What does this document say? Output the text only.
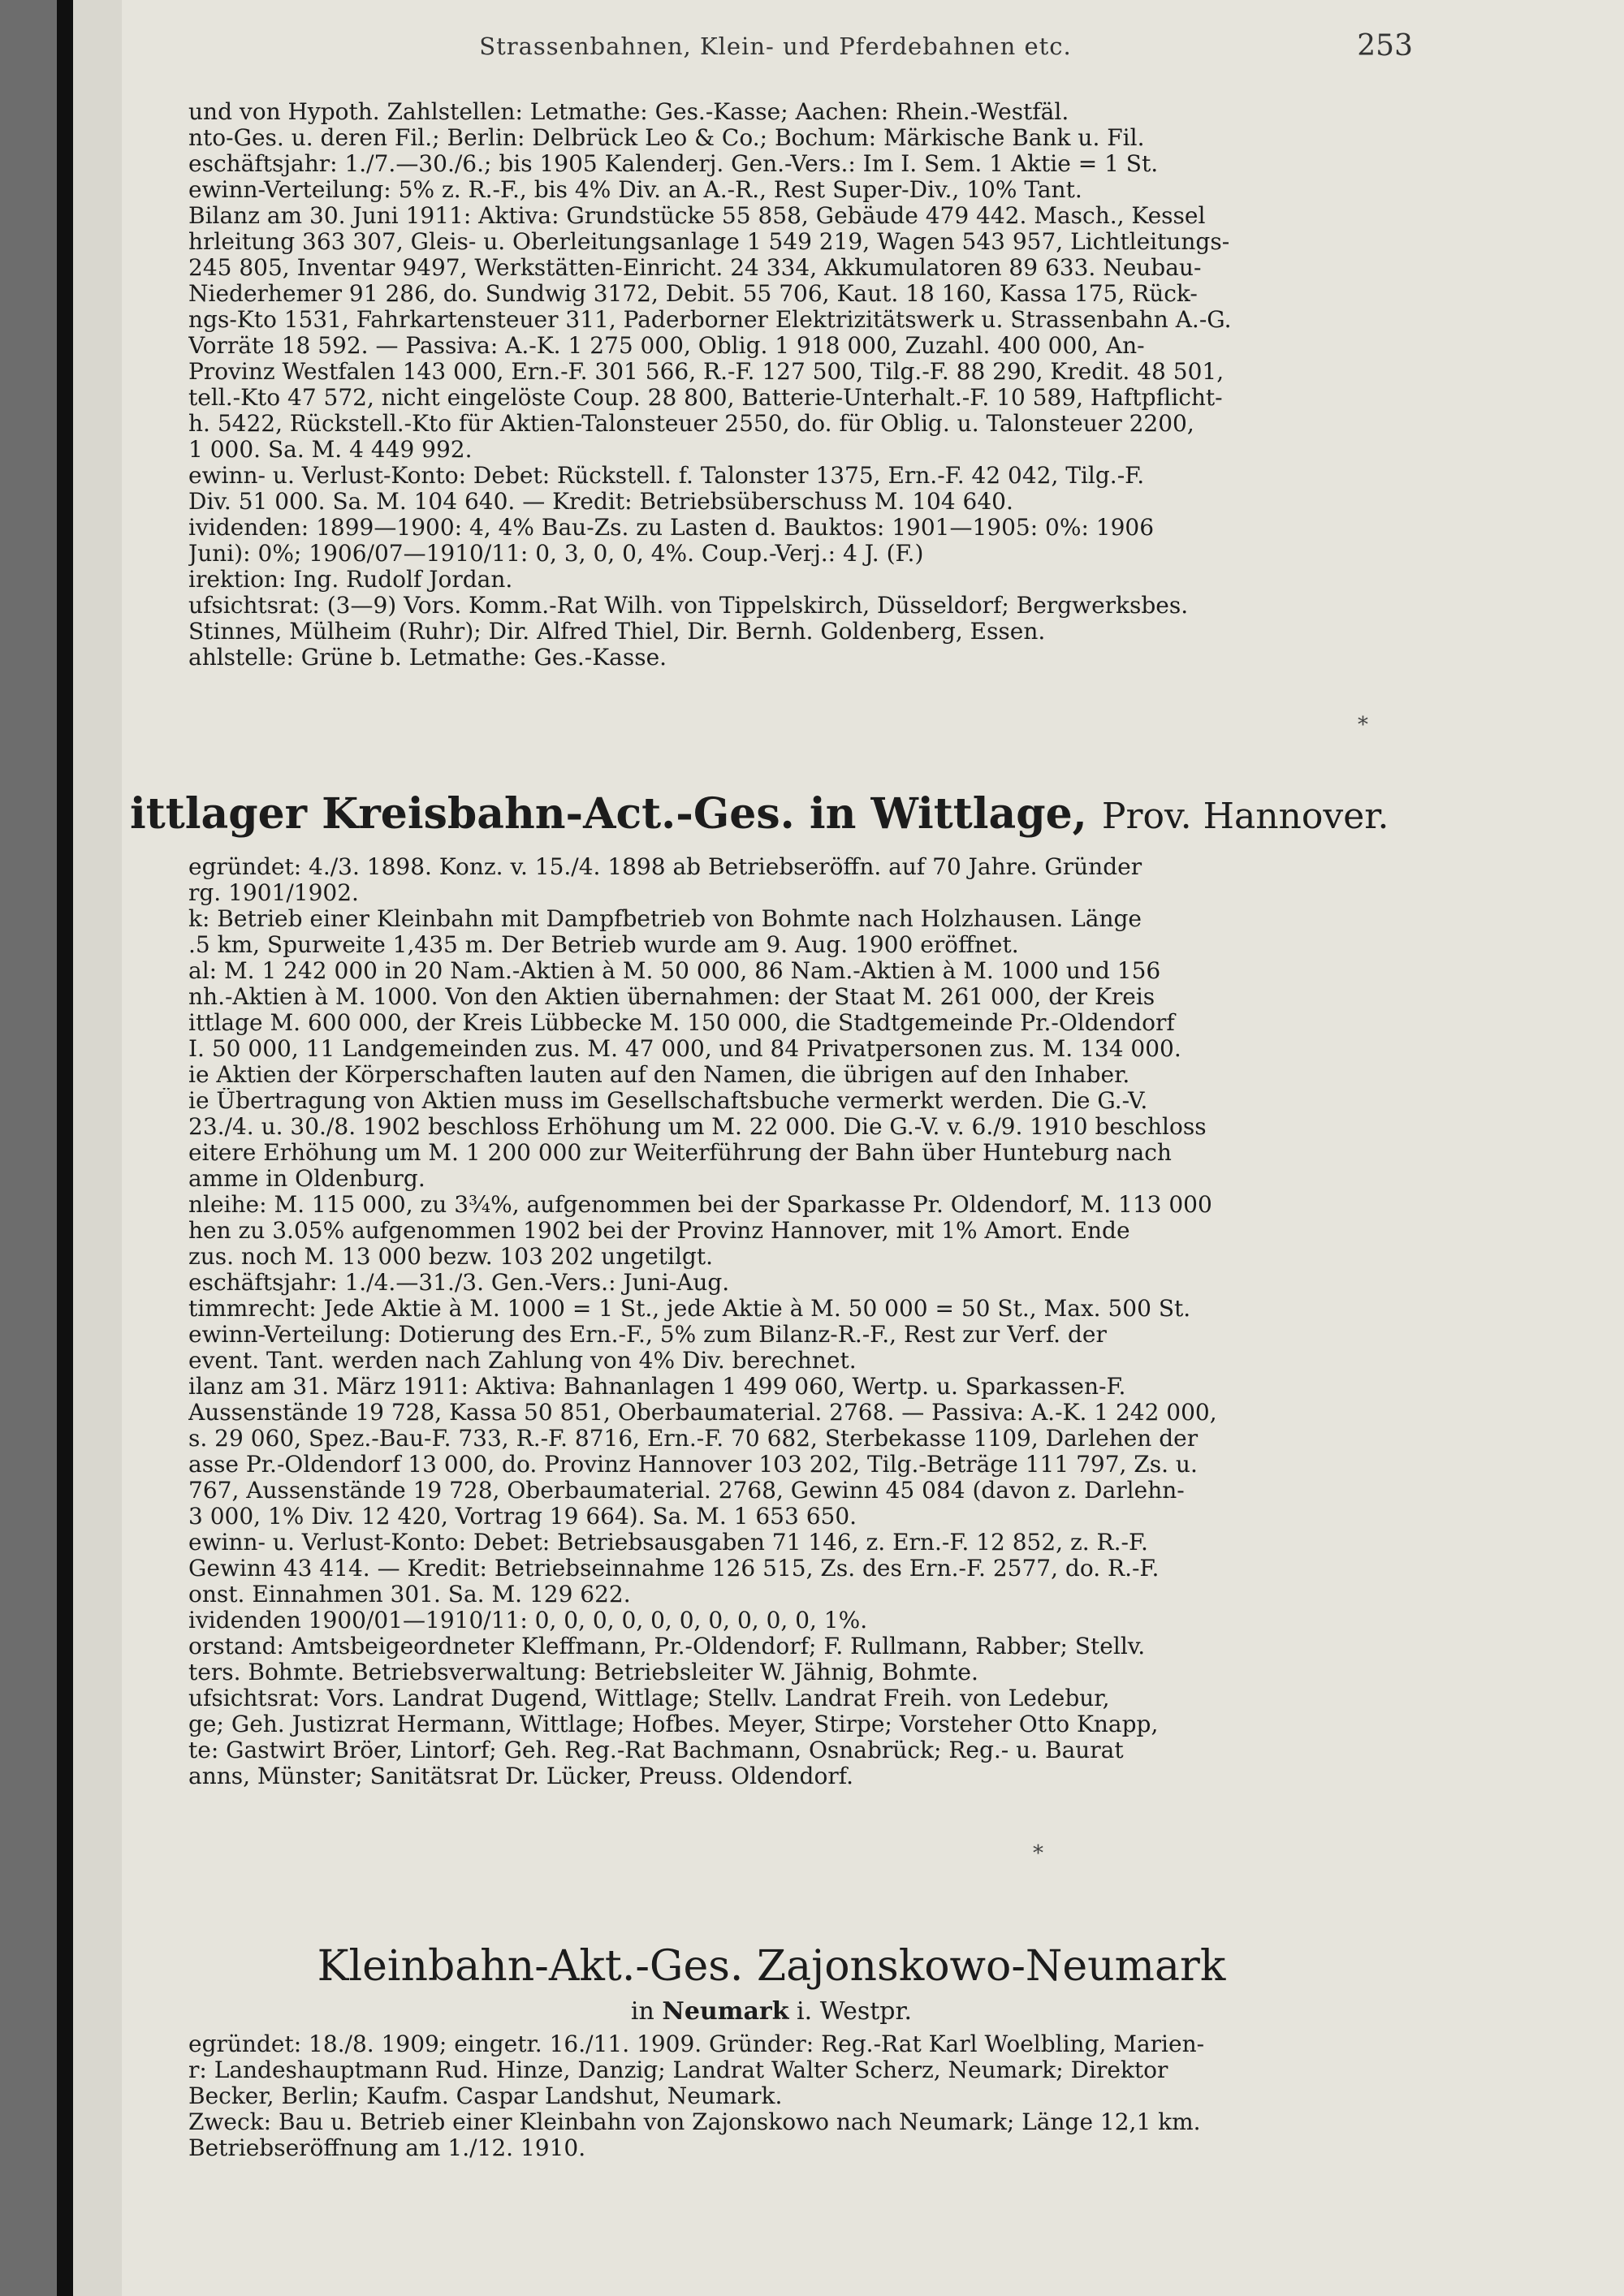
Strassenbahnen, Klein- und Pferdebahnen etc.	253
und von Hypoth. Zahlstellen: Letmathe: Ges.-Kasse; Aachen: Rhein.-Westfäl.
nto-Ges. u. deren Fil.; Berlin: Delbrück Leo & Co.; Bochum: Märkische Bank u. Fil.
eschäftsjahr: 1./7.—30./6.; bis 1905 Kalenderj. Gen.-Vers.: Im I. Sem. 1 Aktie = 1 St.
ewinn-Verteilung: 5% z. R.-F., bis 4% Div. an A.-R., Rest Super-Div., 10% Tant.
Bilanz am 30. Juni 1911: Aktiva: Grundstücke 55 858, Gebäude 479 442. Masch., Kessel
hrleitung 363 307, Gleis- u. Oberleitungsanlage 1 549 219, Wagen 543 957, Lichtleitungs-
245 805, Inventar 9497, Werkstätten-Einricht. 24 334, Akkumulatoren 89 633. Neubau-
Niederhemer 91 286, do. Sundwig 3172, Debit. 55 706, Kaut. 18 160, Kassa 175, Rück-
ngs-Kto 1531, Fahrkartensteuer 311, Paderborner Elektrizitätswerk u. Strassenbahn A.-G.
Vorräte 18 592. — Passiva: A.-K. 1 275 000, Oblig. 1 918 000, Zuzahl. 400 000, An-
Provinz Westfalen 143 000, Ern.-F. 301 566, R.-F. 127 500, Tilg.-F. 88 290, Kredit. 48 501,
tell.-Kto 47 572, nicht eingelöste Coup. 28 800, Batterie-Unterhalt.-F. 10 589, Haftpflicht-
h. 5422, Rückstell.-Kto für Aktien-Talonsteuer 2550, do. für Oblig. u. Talonsteuer 2200,
1 000. Sa. M. 4 449 992.
ewinn- u. Verlust-Konto: Debet: Rückstell. f. Talonster 1375, Ern.-F. 42 042, Tilg.-F.
Div. 51 000. Sa. M. 104 640. — Kredit: Betriebsüberschuss M. 104 640.
ividenden: 1899—1900: 4, 4% Bau-Zs. zu Lasten d. Bauktos: 1901—1905: 0%: 1906
Juni): 0%; 1906/07—1910/11: 0, 3, 0, 0, 4%. Coup.-Verj.: 4 J. (F.)
irektion: Ing. Rudolf Jordan.
ufsichtsrat: (3—9) Vors. Komm.-Rat Wilh. von Tippelskirch, Düsseldorf; Bergwerksbes.
Stinnes, Mülheim (Ruhr); Dir. Alfred Thiel, Dir. Bernh. Goldenberg, Essen.
ahlstelle: Grüne b. Letmathe: Ges.-Kasse.
*
ittlager Kreisbahn-Act.-Ges. in Wittlage, Prov. Hannover.
egründet: 4./3. 1898. Konz. v. 15./4. 1898 ab Betriebseröffn. auf 70 Jahre. Gründer
rg. 1901/1902.
k: Betrieb einer Kleinbahn mit Dampfbetrieb von Bohmte nach Holzhausen. Länge
.5 km, Spurweite 1,435 m. Der Betrieb wurde am 9. Aug. 1900 eröffnet.
al: M. 1 242 000 in 20 Nam.-Aktien à M. 50 000, 86 Nam.-Aktien à M. 1000 und 156
nh.-Aktien à M. 1000. Von den Aktien übernahmen: der Staat M. 261 000, der Kreis
ittlage M. 600 000, der Kreis Lübbecke M. 150 000, die Stadtgemeinde Pr.-Oldendorf
I. 50 000, 11 Landgemeinden zus. M. 47 000, und 84 Privatpersonen zus. M. 134 000.
ie Aktien der Körperschaften lauten auf den Namen, die übrigen auf den Inhaber.
ie Übertragung von Aktien muss im Gesellschaftsbuche vermerkt werden. Die G.-V.
23./4. u. 30./8. 1902 beschloss Erhöhung um M. 22 000. Die G.-V. v. 6./9. 1910 beschloss
eitere Erhöhung um M. 1 200 000 zur Weiterführung der Bahn über Hunteburg nach
amme in Oldenburg.
nleihe: M. 115 000, zu 3¾%, aufgenommen bei der Sparkasse Pr. Oldendorf, M. 113 000
hen zu 3.05% aufgenommen 1902 bei der Provinz Hannover, mit 1% Amort. Ende
zus. noch M. 13 000 bezw. 103 202 ungetilgt.
eschäftsjahr: 1./4.—31./3. Gen.-Vers.: Juni-Aug.
timmrecht: Jede Aktie à M. 1000 = 1 St., jede Aktie à M. 50 000 = 50 St., Max. 500 St.
ewinn-Verteilung: Dotierung des Ern.-F., 5% zum Bilanz-R.-F., Rest zur Verf. der
event. Tant. werden nach Zahlung von 4% Div. berechnet.
ilanz am 31. März 1911: Aktiva: Bahnanlagen 1 499 060, Wertp. u. Sparkassen-F.
Aussenstände 19 728, Kassa 50 851, Oberbaumaterial. 2768. — Passiva: A.-K. 1 242 000,
s. 29 060, Spez.-Bau-F. 733, R.-F. 8716, Ern.-F. 70 682, Sterbekasse 1109, Darlehen der
asse Pr.-Oldendorf 13 000, do. Provinz Hannover 103 202, Tilg.-Beträge 111 797, Zs. u.
767, Aussenstände 19 728, Oberbaumaterial. 2768, Gewinn 45 084 (davon z. Darlehn-
3 000, 1% Div. 12 420, Vortrag 19 664). Sa. M. 1 653 650.
ewinn- u. Verlust-Konto: Debet: Betriebsausgaben 71 146, z. Ern.-F. 12 852, z. R.-F.
Gewinn 43 414. — Kredit: Betriebseinnahme 126 515, Zs. des Ern.-F. 2577, do. R.-F.
onst. Einnahmen 301. Sa. M. 129 622.
ividenden 1900/01—1910/11: 0, 0, 0, 0, 0, 0, 0, 0, 0, 0, 1%.
orstand: Amtsbeigeordneter Kleffmann, Pr.-Oldendorf; F. Rullmann, Rabber; Stellv.
ters. Bohmte. Betriebsverwaltung: Betriebsleiter W. Jähnig, Bohmte.
ufsichtsrat: Vors. Landrat Dugend, Wittlage; Stellv. Landrat Freih. von Ledebur,
ge; Geh. Justizrat Hermann, Wittlage; Hofbes. Meyer, Stirpe; Vorsteher Otto Knapp,
te: Gastwirt Bröer, Lintorf; Geh. Reg.-Rat Bachmann, Osnabrück; Reg.- u. Baurat
anns, Münster; Sanitätsrat Dr. Lücker, Preuss. Oldendorf.
*
Kleinbahn-Akt.-Ges. Zajonskowo-Neumark
in Neumark i. Westpr.
egründet: 18./8. 1909; eingetr. 16./11. 1909. Gründer: Reg.-Rat Karl Woelbling, Marien-
r: Landeshauptmann Rud. Hinze, Danzig; Landrat Walter Scherz, Neumark; Direktor
Becker, Berlin; Kaufm. Caspar Landshut, Neumark.
Zweck: Bau u. Betrieb einer Kleinbahn von Zajonskowo nach Neumark; Länge 12,1 km.
Betriebseröffnung am 1./12. 1910.
